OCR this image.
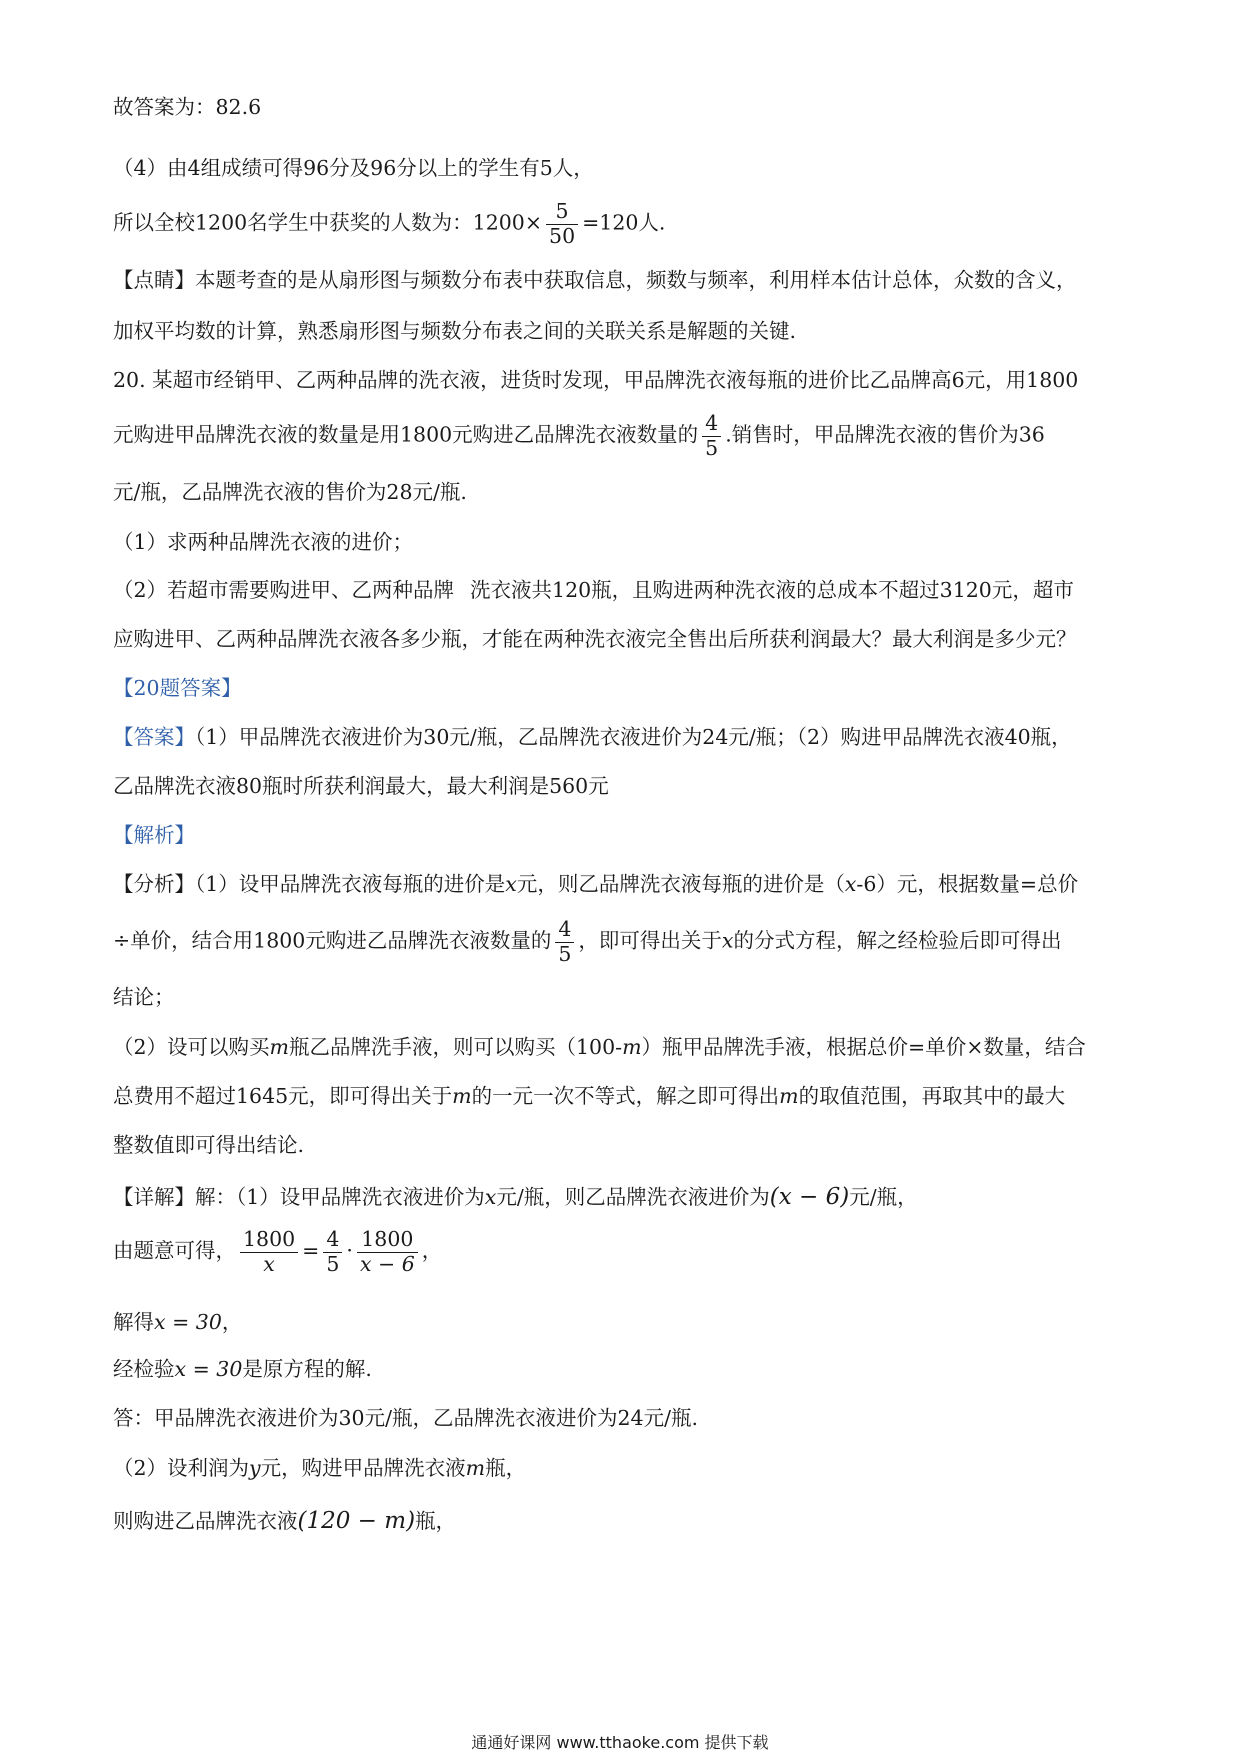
故答案为：82.6
（4）由4组成绩可得96分及96分以上的学生有5人，
所以全校1200名学生中获奖的人数为：$1200\times \frac{5}{50} =120$人.
【点睛】本题考查的是从扇形图与频数分布表中获取信息，频数与频率，利用样本估计总体，众数的含义，
加权平均数的计算，熟悉扇形图与频数分布表之间的关联关系是解题的关键.
20. 某超市经销甲、乙两种品牌的洗衣液，进货时发现，甲品牌洗衣液每瓶的进价比乙品牌高6元，用1800
元购进甲品牌洗衣液的数量是用1800元购进乙品牌洗衣液数量的 $\frac{4}{5}$ .销售时，甲品牌洗衣液的售价为36
元/瓶，乙品牌洗衣液的售价为28元/瓶.
（1）求两种品牌洗衣液的进价；
（2）若超市需要购进甲、乙两种品牌 洗衣液共120瓶，且购进两种洗衣液的总成本不超过3120元，超市
应购进甲、乙两种品牌洗衣液各多少瓶，才能在两种洗衣液完全售出后所获利润最大？最大利润是多少元？
【20题答案】
【答案】（1）甲品牌洗衣液进价为30元/瓶，乙品牌洗衣液进价为24元/瓶；（2）购进甲品牌洗衣液40瓶，
乙品牌洗衣液80瓶时所获利润最大，最大利润是560元
【解析】
【分析】（1）设甲品牌洗衣液每瓶的进价是x元，则乙品牌洗衣液每瓶的进价是（x-6）元，根据数量=总价
÷单价，结合用1800元购进乙品牌洗衣液数量的 $\frac{4}{5}$ ，即可得出关于x的分式方程，解之经检验后即可得出
结论；
（2）设可以购买m瓶乙品牌洗手液，则可以购买（100-m）瓶甲品牌洗手液，根据总价=单价×数量，结合
总费用不超过1645元，即可得出关于m的一元一次不等式，解之即可得出m的取值范围，再取其中的最大
整数值即可得出结论.
【详解】解：（1）设甲品牌洗衣液进价为x元/瓶，则乙品牌洗衣液进价为(x − 6)元/瓶，
由题意可得， $\frac{1800}{x} = \frac{4}{5} \cdot \frac{1800}{x - 6}$ ，
解得x = 30，
经检验x = 30是原方程的解.
答：甲品牌洗衣液进价为30元/瓶，乙品牌洗衣液进价为24元/瓶.
（2）设利润为y元，购进甲品牌洗衣液m瓶，
则购进乙品牌洗衣液(120 − m)瓶，
通通好课网 www.tthaoke.com 提供下载
